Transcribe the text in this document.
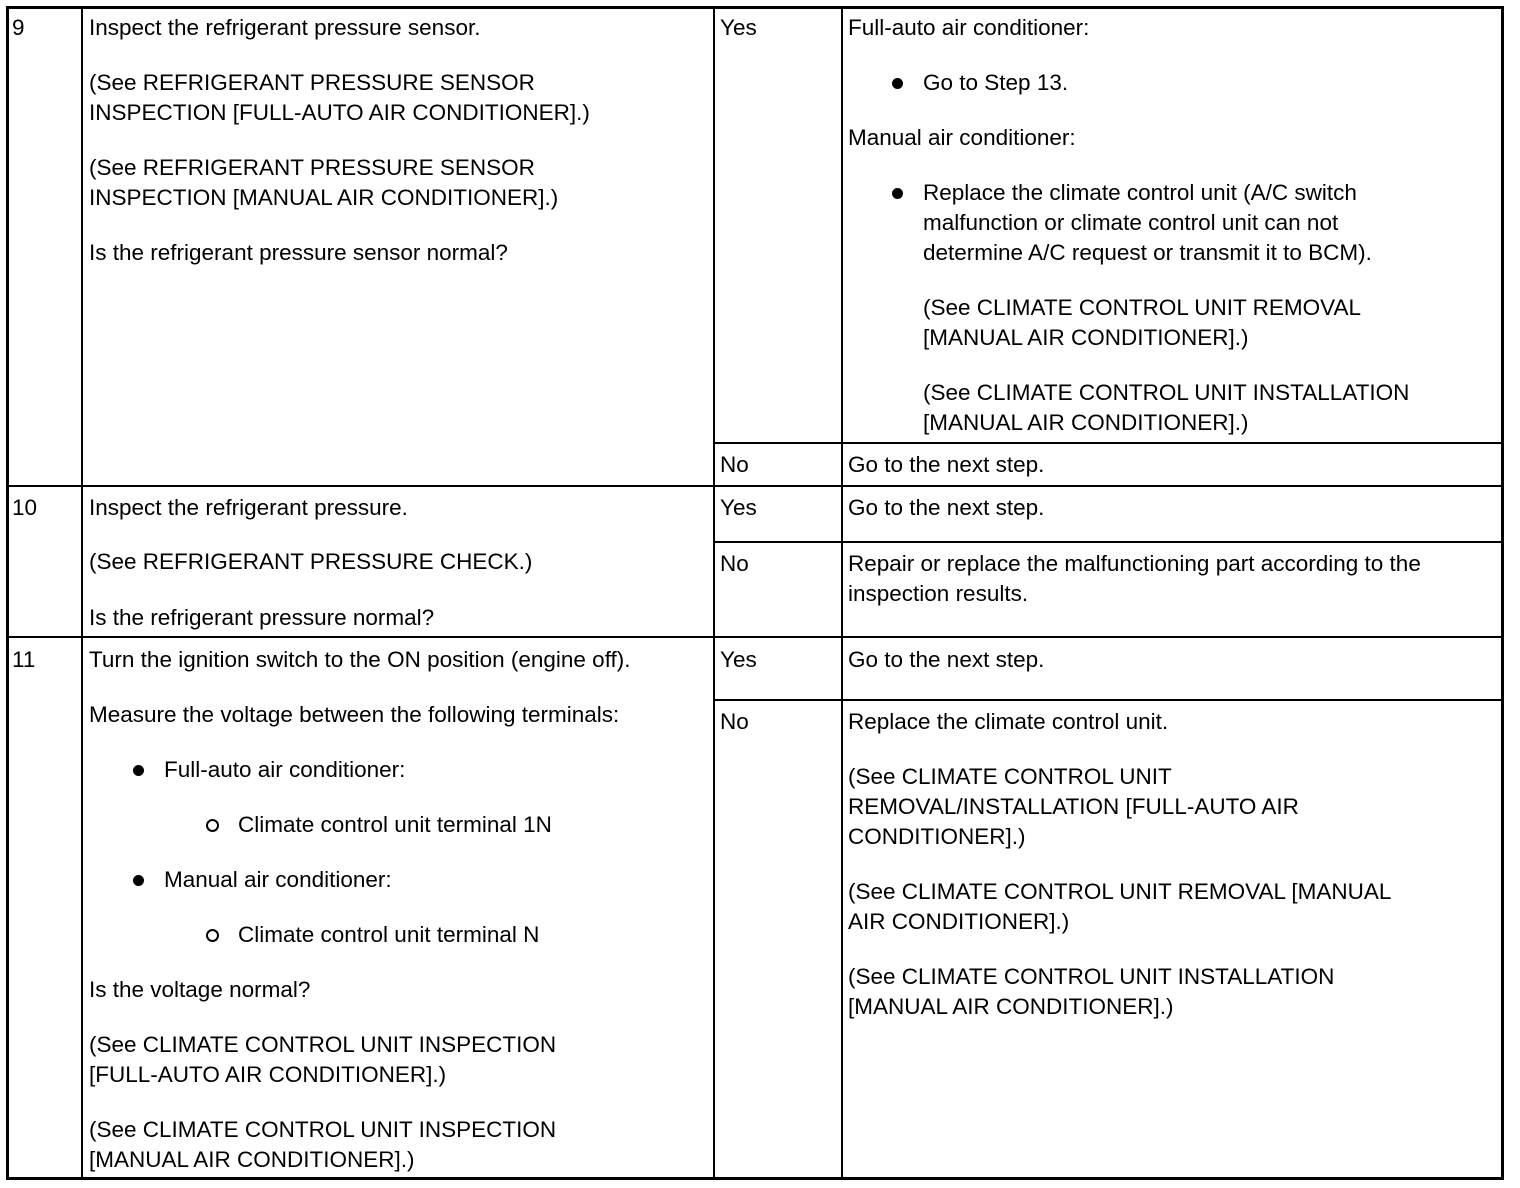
9	Inspect the refrigerant pressure sensor.
(See REFRIGERANT PRESSURE SENSOR
INSPECTION [FULL-AUTO AIR CONDITIONER].)
(See REFRIGERANT PRESSURE SENSOR
INSPECTION [MANUAL AIR CONDITIONER].)
Is the refrigerant pressure sensor normal?
Yes	Full-auto air conditioner:
Go to Step 13.
Manual air conditioner:
Replace the climate control unit (A/C switch
malfunction or climate control unit can not
determine A/C request or transmit it to BCM).
(See CLIMATE CONTROL UNIT REMOVAL
[MANUAL AIR CONDITIONER].)
(See CLIMATE CONTROL UNIT INSTALLATION
[MANUAL AIR CONDITIONER].)
No	Go to the next step.
10 Inspect the refrigerant pressure.
(See REFRIGERANT PRESSURE CHECK.)
Is the refrigerant pressure normal?
Yes	Go to the next step.
No	Repair or replace the malfunctioning part according to the
inspection results.
11 Turn the ignition switch to the ON position (engine off).
Measure the voltage between the following terminals:
Full-auto air conditioner:
Climate control unit terminal 1N
Manual air conditioner:
Climate control unit terminal N
Is the voltage normal?
(See CLIMATE CONTROL UNIT INSPECTION
[FULL-AUTO AIR CONDITIONER].)
(See CLIMATE CONTROL UNIT INSPECTION
[MANUAL AIR CONDITIONER].)
Yes	Go to the next step.
No	Replace the climate control unit.
(See CLIMATE CONTROL UNIT
REMOVAL/INSTALLATION [FULL-AUTO AIR
CONDITIONER].)
(See CLIMATE CONTROL UNIT REMOVAL [MANUAL
AIR CONDITIONER].)
(See CLIMATE CONTROL UNIT INSTALLATION
[MANUAL AIR CONDITIONER].)
